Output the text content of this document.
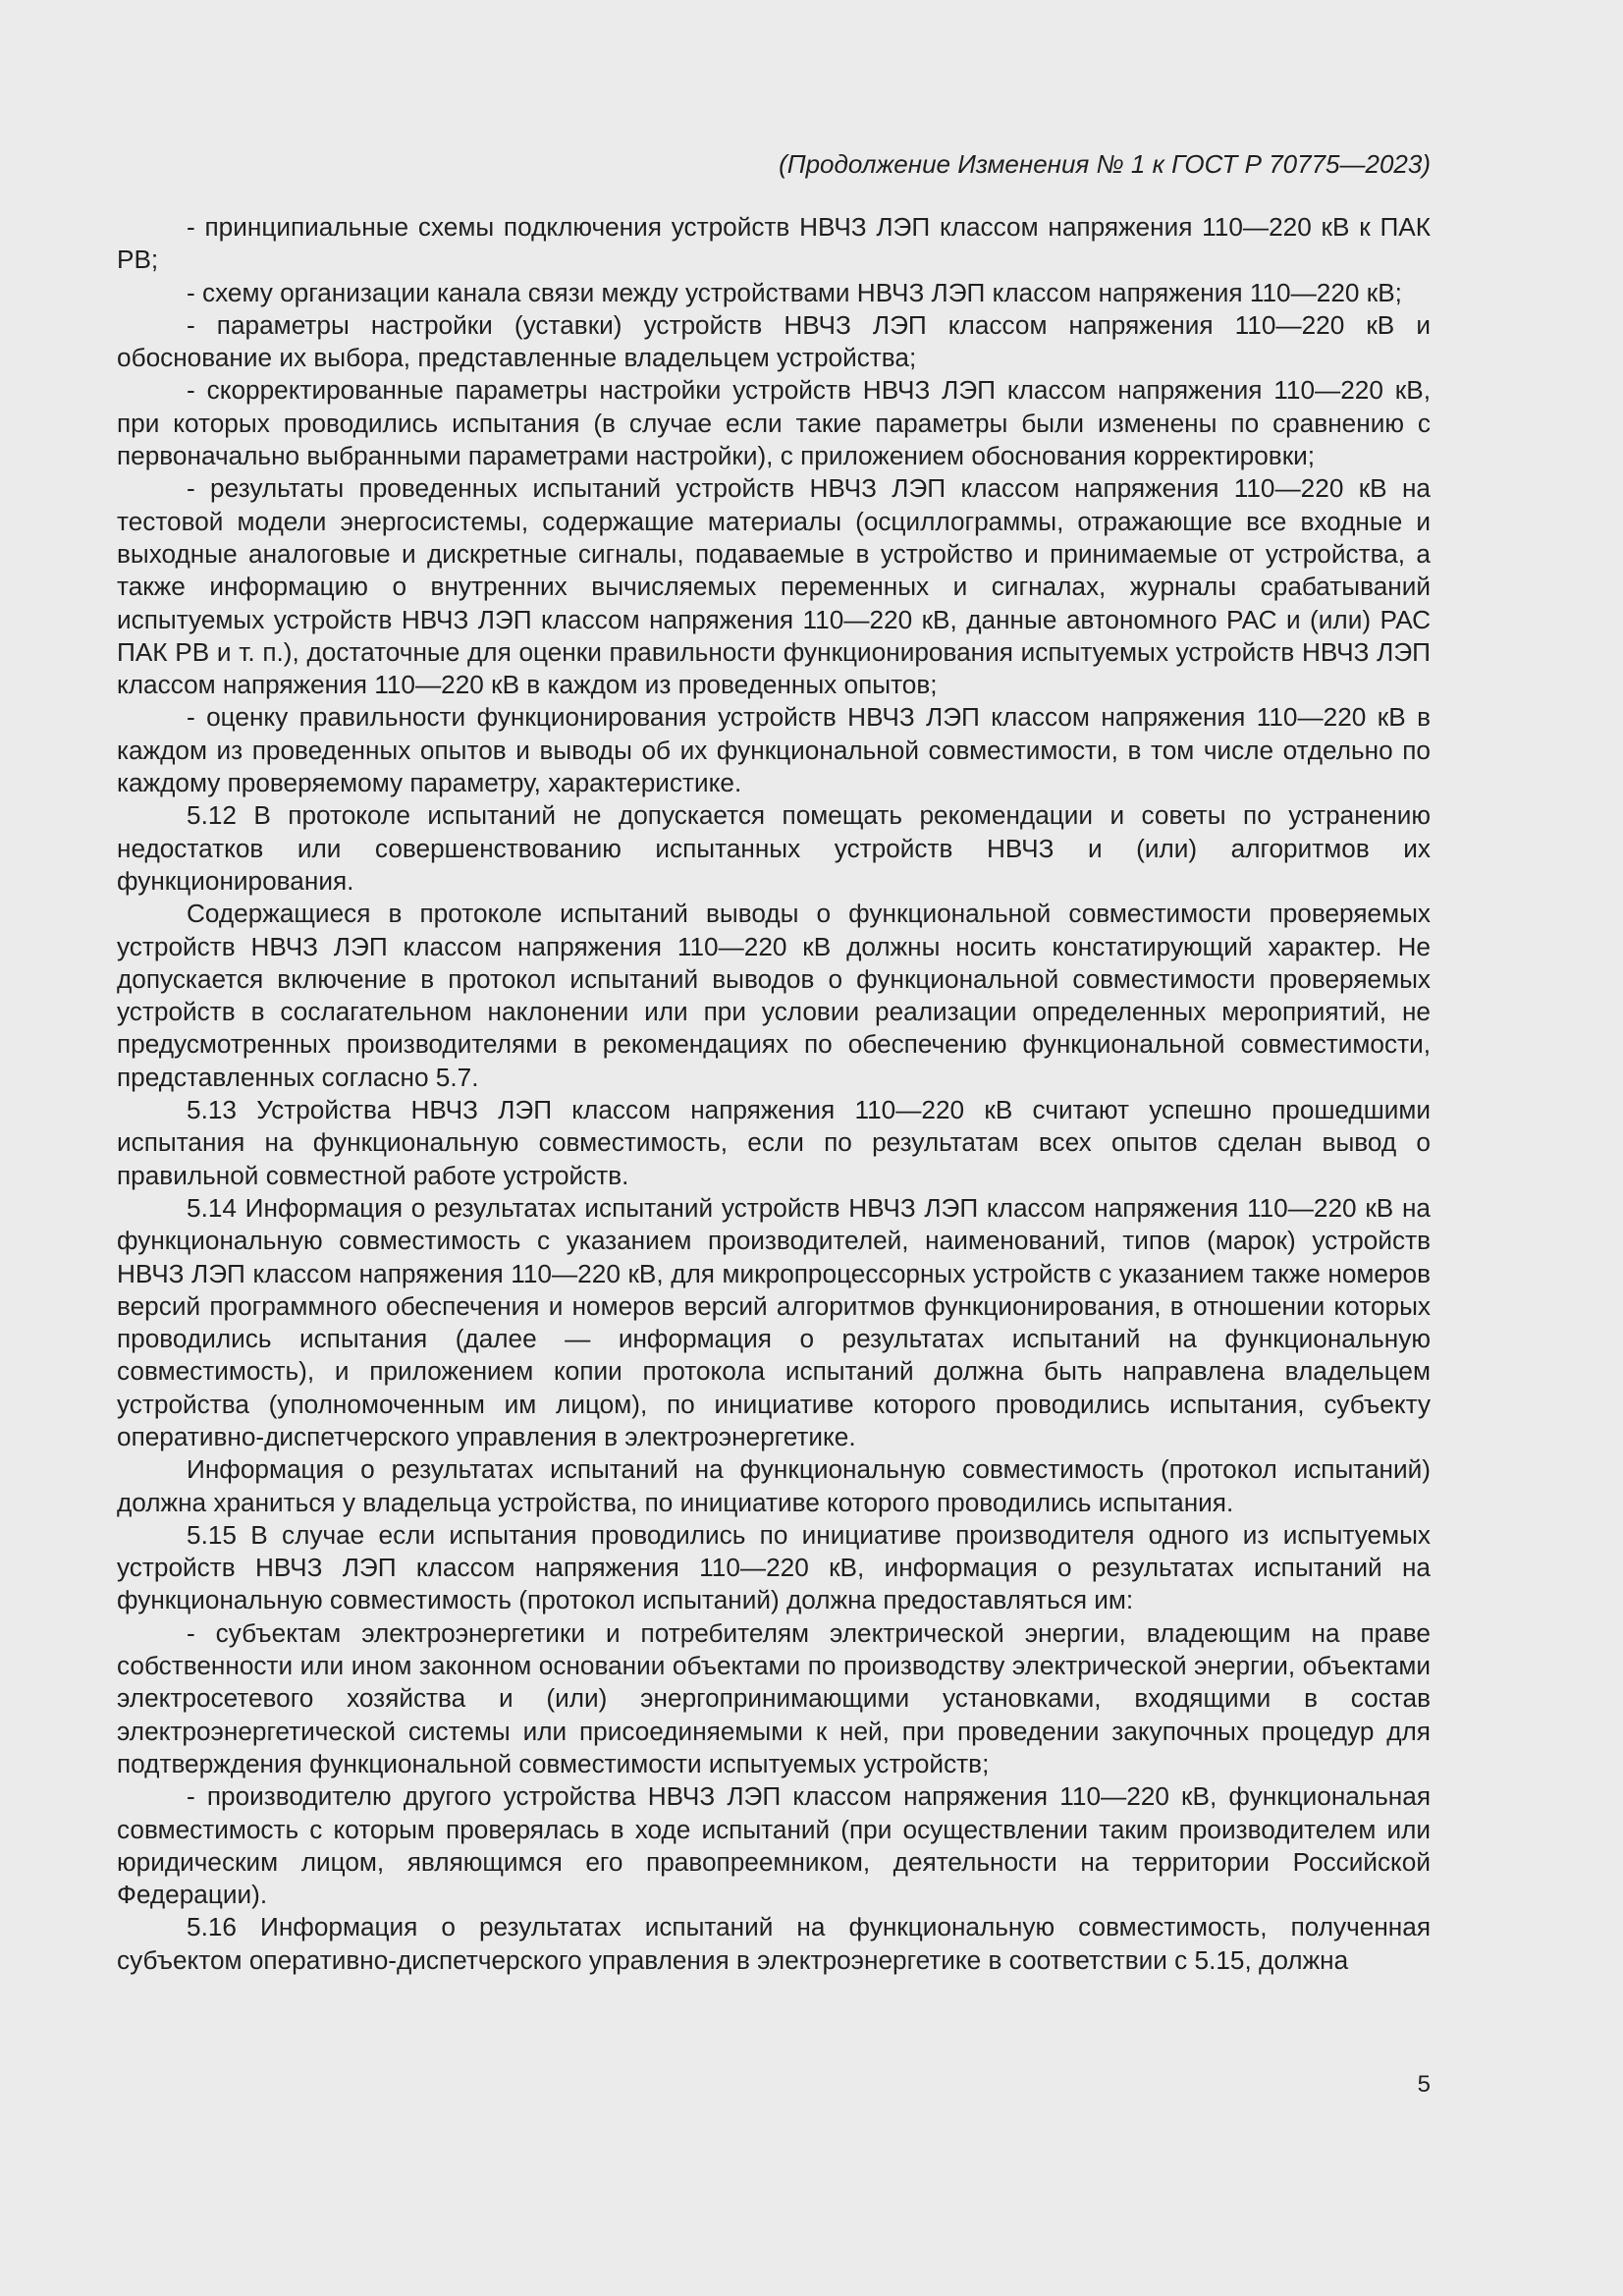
(Продолжение Изменения № 1 к ГОСТ Р 70775—2023)

- принципиальные схемы подключения устройств НВЧЗ ЛЭП классом напряжения 110—220 кВ к ПАК РВ;

- схему организации канала связи между устройствами НВЧЗ ЛЭП классом напряжения 110—220 кВ;

- параметры настройки (уставки) устройств НВЧЗ ЛЭП классом напряжения 110—220 кВ и обоснование их выбора, представленные владельцем устройства;

- скорректированные параметры настройки устройств НВЧЗ ЛЭП классом напряжения 110—220 кВ, при которых проводились испытания (в случае если такие параметры были изменены по сравнению с первоначально выбранными параметрами настройки), с приложением обоснования корректировки;

- результаты проведенных испытаний устройств НВЧЗ ЛЭП классом напряжения 110—220 кВ на тестовой модели энергосистемы, содержащие материалы (осциллограммы, отражающие все входные и выходные аналоговые и дискретные сигналы, подаваемые в устройство и принимаемые от устройства, а также информацию о внутренних вычисляемых переменных и сигналах, журналы срабатываний испытуемых устройств НВЧЗ ЛЭП классом напряжения 110—220 кВ, данные автономного РАС и (или) РАС ПАК РВ и т. п.), достаточные для оценки правильности функционирования испытуемых устройств НВЧЗ ЛЭП классом напряжения 110—220 кВ в каждом из проведенных опытов;

- оценку правильности функционирования устройств НВЧЗ ЛЭП классом напряжения 110—220 кВ в каждом из проведенных опытов и выводы об их функциональной совместимости, в том числе отдельно по каждому проверяемому параметру, характеристике.

5.12 В протоколе испытаний не допускается помещать рекомендации и советы по устранению недостатков или совершенствованию испытанных устройств НВЧЗ и (или) алгоритмов их функционирования.

Содержащиеся в протоколе испытаний выводы о функциональной совместимости проверяемых устройств НВЧЗ ЛЭП классом напряжения 110—220 кВ должны носить констатирующий характер. Не допускается включение в протокол испытаний выводов о функциональной совместимости проверяемых устройств в сослагательном наклонении или при условии реализации определенных мероприятий, не предусмотренных производителями в рекомендациях по обеспечению функциональной совместимости, представленных согласно 5.7.

5.13 Устройства НВЧЗ ЛЭП классом напряжения 110—220 кВ считают успешно прошедшими испытания на функциональную совместимость, если по результатам всех опытов сделан вывод о правильной совместной работе устройств.

5.14 Информация о результатах испытаний устройств НВЧЗ ЛЭП классом напряжения 110—220 кВ на функциональную совместимость с указанием производителей, наименований, типов (марок) устройств НВЧЗ ЛЭП классом напряжения 110—220 кВ, для микропроцессорных устройств с указанием также номеров версий программного обеспечения и номеров версий алгоритмов функционирования, в отношении которых проводились испытания (далее — информация о результатах испытаний на функциональную совместимость), и приложением копии протокола испытаний должна быть направлена владельцем устройства (уполномоченным им лицом), по инициативе которого проводились испытания, субъекту оперативно-диспетчерского управления в электроэнергетике.

Информация о результатах испытаний на функциональную совместимость (протокол испытаний) должна храниться у владельца устройства, по инициативе которого проводились испытания.

5.15 В случае если испытания проводились по инициативе производителя одного из испытуемых устройств НВЧЗ ЛЭП классом напряжения 110—220 кВ, информация о результатах испытаний на функциональную совместимость (протокол испытаний) должна предоставляться им:

- субъектам электроэнергетики и потребителям электрической энергии, владеющим на праве собственности или ином законном основании объектами по производству электрической энергии, объектами электросетевого хозяйства и (или) энергопринимающими установками, входящими в состав электроэнергетической системы или присоединяемыми к ней, при проведении закупочных процедур для подтверждения функциональной совместимости испытуемых устройств;

- производителю другого устройства НВЧЗ ЛЭП классом напряжения 110—220 кВ, функциональная совместимость с которым проверялась в ходе испытаний (при осуществлении таким производителем или юридическим лицом, являющимся его правопреемником, деятельности на территории Российской Федерации).

5.16 Информация о результатах испытаний на функциональную совместимость, полученная субъектом оперативно-диспетчерского управления в электроэнергетике в соответствии с 5.15, должна

5
